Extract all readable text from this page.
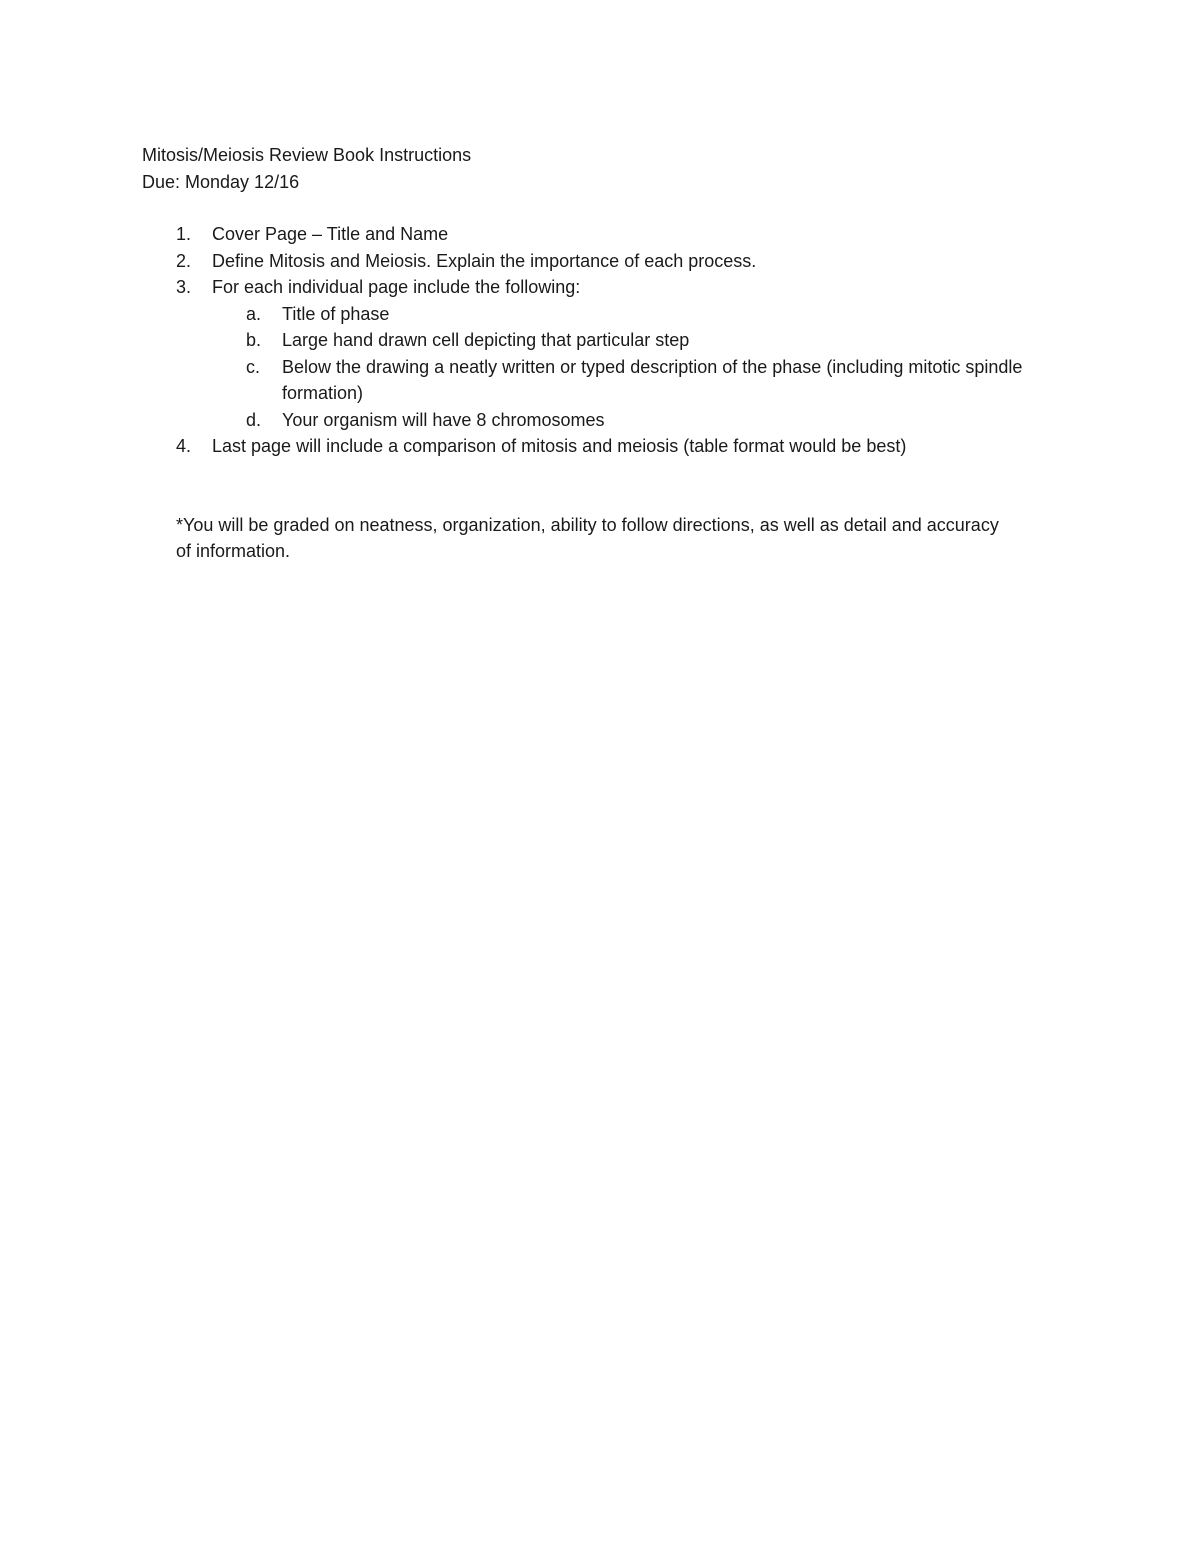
Mitosis/Meiosis Review Book Instructions

Due: Monday 12/16

1.	Cover Page – Title and Name
2.	Define Mitosis and Meiosis. Explain the importance of each process.
3.	For each individual page include the following:
a.	Title of phase
b.	Large hand drawn cell depicting that particular step
c.	Below the drawing a neatly written or typed description of the phase (including mitotic spindle formation)
d.	Your organism will have 8 chromosomes
4.	Last page will include a comparison of mitosis and meiosis (table format would be best)

*You will be graded on neatness, organization, ability to follow directions, as well as detail and accuracy of information.
